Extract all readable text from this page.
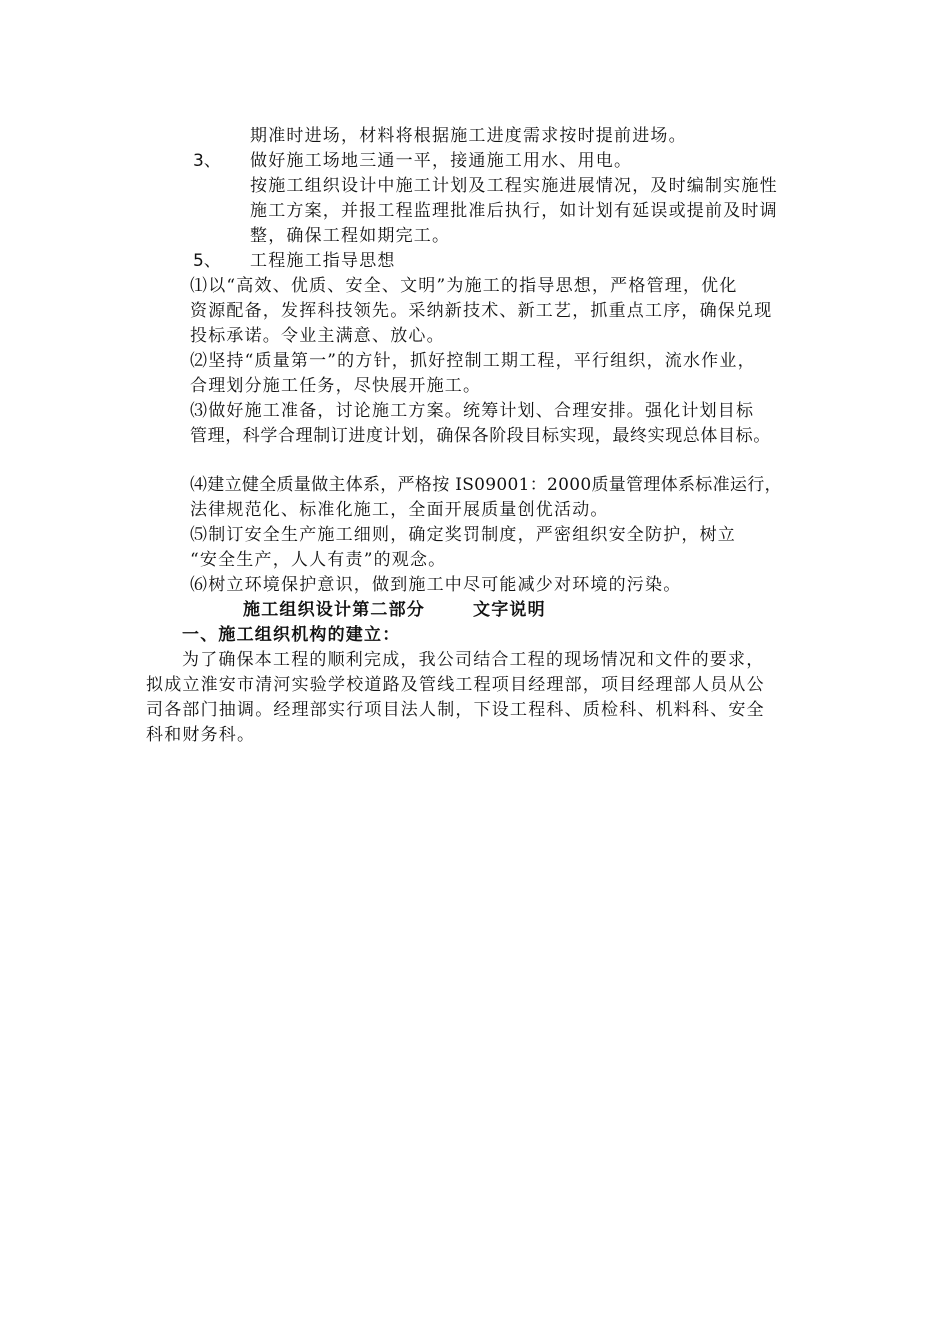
期准时进场，材料将根据施工进度需求按时提前进场。
3、 做好施工场地三通一平，接通施工用水、用电。
按施工组织设计中施工计划及工程实施进展情况，及时编制实施性
施工方案，并报工程监理批准后执行，如计划有延误或提前及时调
整，确保工程如期完工。
5、 工程施工指导思想
⑴以“高效、优质、安全、文明”为施工的指导思想，严格管理，优化
资源配备，发挥科技领先。采纳新技术、新工艺，抓重点工序，确保兑现
投标承诺。令业主满意、放心。
⑵坚持“质量第一”的方针，抓好控制工期工程，平行组织，流水作业，
合理划分施工任务，尽快展开施工。
⑶做好施工准备，讨论施工方案。统筹计划、合理安排。强化计划目标
管理，科学合理制订进度计划，确保各阶段目标实现，最终实现总体目标。
⑷建立健全质量做主体系，严格按 IS09001：2000质量管理体系标准运行，
法律规范化、标准化施工，全面开展质量创优活动。
⑸制订安全生产施工细则，确定奖罚制度，严密组织安全防护，树立
“安全生产，人人有责”的观念。
⑹树立环境保护意识，做到施工中尽可能减少对环境的污染。
施工组织设计第二部分	文字说明
一、施工组织机构的建立：
为了确保本工程的顺利完成，我公司结合工程的现场情况和文件的要求，
拟成立淮安市清河实验学校道路及管线工程项目经理部，项目经理部人员从公
司各部门抽调。经理部实行项目法人制，下设工程科、质检科、机料科、安全
科和财务科。
